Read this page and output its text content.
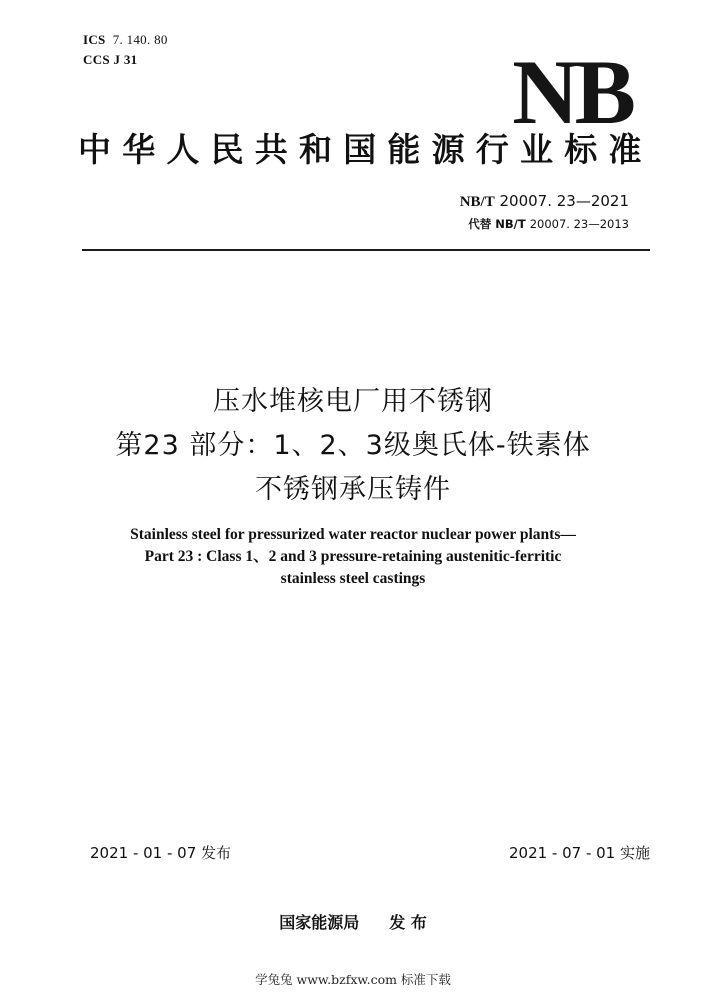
ICS 7. 140. 80
CCS J 31	NB
中华人民共和国能源行业标准
NB/T 20007. 23—2021
代替 NB/T 20007. 23—2013
压水堆核电厂用不锈钢
第23 部分：1、2、3级奥氏体-铁素体
不锈钢承压铸件
Stainless steel for pressurized water reactor nuclear power plants—
Part 23 : Class 1、2 and 3 pressure-retaining austenitic-ferritic
stainless steel castings
2021 - 01 - 07 发布	2021 - 07 - 01 实施
国家能源局 发 布
学兔兔 www.bzfxw.com 标准下载
